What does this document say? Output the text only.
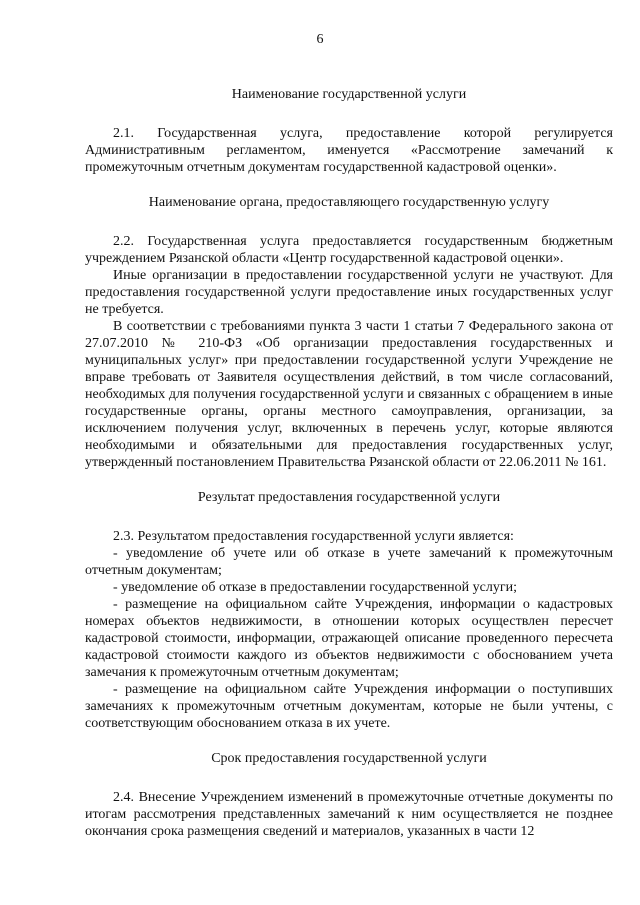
6
Наименование государственной услуги

2.1. Государственная услуга, предоставление которой регулируется Административным регламентом, именуется «Рассмотрение замечаний к промежуточным отчетным документам государственной кадастровой оценки».

Наименование органа, предоставляющего государственную услугу

2.2. Государственная услуга предоставляется государственным бюджетным учреждением Рязанской области «Центр государственной кадастровой оценки».

Иные организации в предоставлении государственной услуги не участвуют. Для предоставления государственной услуги предоставление иных государственных услуг не требуется.

В соответствии с требованиями пункта 3 части 1 статьи 7 Федерального закона от 27.07.2010 № 210-ФЗ «Об организации предоставления государственных и муниципальных услуг» при предоставлении государственной услуги Учреждение не вправе требовать от Заявителя осуществления действий, в том числе согласований, необходимых для получения государственной услуги и связанных с обращением в иные государственные органы, органы местного самоуправления, организации, за исключением получения услуг, включенных в перечень услуг, которые являются необходимыми и обязательными для предоставления государственных услуг, утвержденный постановлением Правительства Рязанской области от 22.06.2011 № 161.

Результат предоставления государственной услуги

2.3. Результатом предоставления государственной услуги является:

- уведомление об учете или об отказе в учете замечаний к промежуточным отчетным документам;

- уведомление об отказе в предоставлении государственной услуги;

- размещение на официальном сайте Учреждения, информации о кадастровых номерах объектов недвижимости, в отношении которых осуществлен пересчет кадастровой стоимости, информации, отражающей описание проведенного пересчета кадастровой стоимости каждого из объектов недвижимости с обоснованием учета замечания к промежуточным отчетным документам;

- размещение на официальном сайте Учреждения информации о поступивших замечаниях к промежуточным отчетным документам, которые не были учтены, с соответствующим обоснованием отказа в их учете.

Срок предоставления государственной услуги

2.4. Внесение Учреждением изменений в промежуточные отчетные документы по итогам рассмотрения представленных замечаний к ним осуществляется не позднее окончания срока размещения сведений и материалов, указанных в части 12
